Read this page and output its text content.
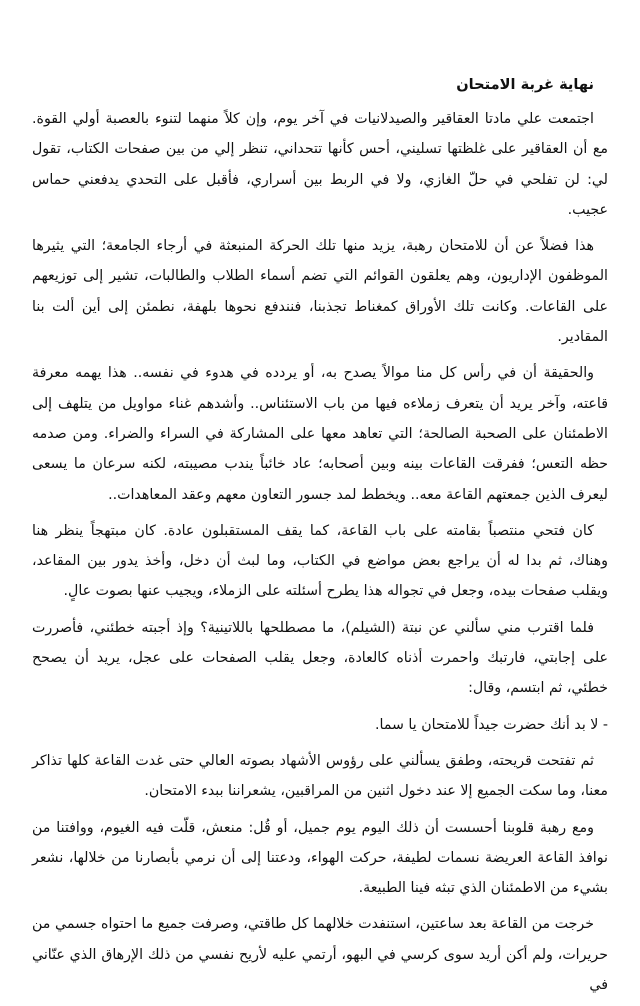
نهاية غربة الامتحان

اجتمعت علي مادتا العقاقير والصيدلانيات في آخر يوم، وإن كلاً منهما لتنوء بالعصبة أولي القوة. مع أن العقاقير على غلظتها تسليني، أحس كأنها تتحداني، تنظر إلي من بين صفحات الكتاب، تقول لي: لن تفلحي في حلّ الغازي، ولا في الربط بين أسراري، فأقبل على التحدي يدفعني حماس عجيب.

هذا فضلاً عن أن للامتحان رهبة، يزيد منها تلك الحركة المنبعثة في أرجاء الجامعة؛ التي يثيرها الموظفون الإداريون، وهم يعلقون القوائم التي تضم أسماء الطلاب والطالبات، تشير إلى توزيعهم على القاعات. وكانت تلك الأوراق كمغناط تجذبنا، فنندفع نحوها بلهفة، نطمئن إلى أين ألت بنا المقادير.

والحقيقة أن في رأس كل منا موالاً يصدح به، أو يردده في هدوء في نفسه.. هذا يهمه معرفة قاعته، وآخر يريد أن يتعرف زملاءه فيها من باب الاستئناس.. وأشدهم غناء مواويل من يتلهف إلى الاطمئنان على الصحبة الصالحة؛ التي تعاهد معها على المشاركة في السراء والضراء. ومن صدمه حظه التعس؛ ففرقت القاعات بينه وبين أصحابه؛ عاد خائباً يندب مصيبته، لكنه سرعان ما يسعى ليعرف الذين جمعتهم القاعة معه.. ويخطط لمد جسور التعاون معهم وعقد المعاهدات..

كان فتحي منتصباً بقامته على باب القاعة، كما يقف المستقبلون عادة. كان مبتهجاً ينظر هنا وهناك، ثم بدا له أن يراجع بعض مواضع في الكتاب، وما لبث أن دخل، وأخذ يدور بين المقاعد، ويقلب صفحات بيده، وجعل في تجواله هذا يطرح أسئلته على الزملاء، ويجيب عنها بصوت عالٍ.

فلما اقترب مني سألني عن نبتة (الشيلم)، ما مصطلحها باللاتينية؟ وإذ أجبته خطئني، فأصررت على إجابتي، فارتبك واحمرت أذناه كالعادة، وجعل يقلب الصفحات على عجل، يريد أن يصحح خطئي، ثم ابتسم، وقال:

- لا بد أنك حضرت جيداً للامتحان يا سما.

ثم تفتحت قريحته، وطفق يسألني على رؤوس الأشهاد بصوته العالي حتى غدت القاعة كلها تذاكر معنا، وما سكت الجميع إلا عند دخول اثنين من المراقبين، يشعراننا ببدء الامتحان.

ومع رهبة قلوبنا أحسست أن ذلك اليوم يوم جميل، أو قُل: منعش، قلّت فيه الغيوم، ووافتنا من نوافذ القاعة العريضة نسمات لطيفة، حركت الهواء، ودعتنا إلى أن نرمي بأبصارنا من خلالها، نشعر بشيء من الاطمئنان الذي تبثه فينا الطبيعة.

خرجت من القاعة بعد ساعتين، استنفدت خلالهما كل طاقتي، وصرفت جميع ما احتواه جسمي من حريرات، ولم أكن أريد سوى كرسي في البهو، أرتمي عليه لأريح نفسي من ذلك الإرهاق الذي عنّاني في
